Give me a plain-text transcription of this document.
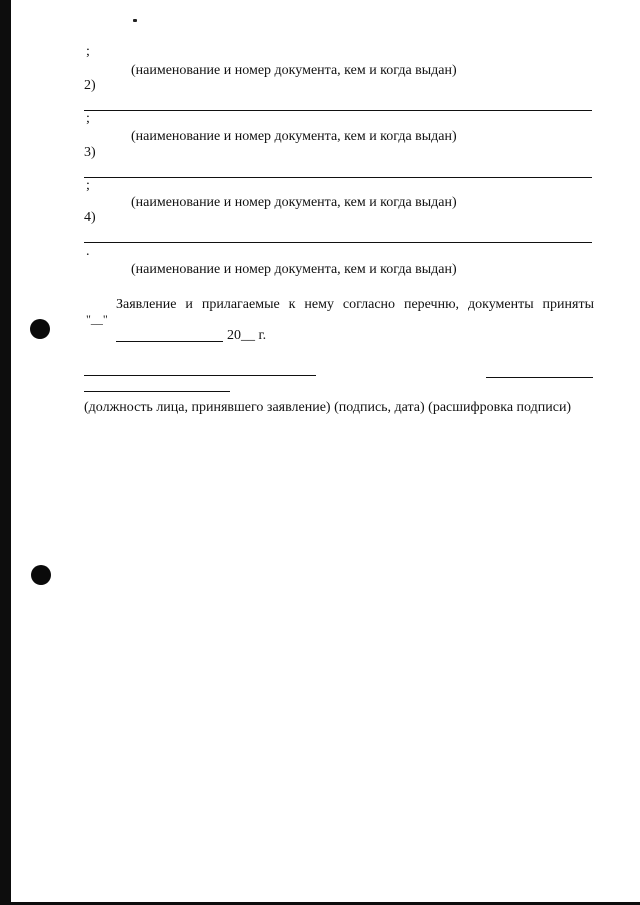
;
(наименование и номер документа, кем и когда выдан)
2)
;
(наименование и номер документа, кем и когда выдан)
3)
;
(наименование и номер документа, кем и когда выдан)
4)
.
(наименование и номер документа, кем и когда выдан)
Заявление и прилагаемые к нему согласно перечню, документы приняты
"__"
20__ г.
(должность лица, принявшего заявление) (подпись, дата) (расшифровка подписи)
